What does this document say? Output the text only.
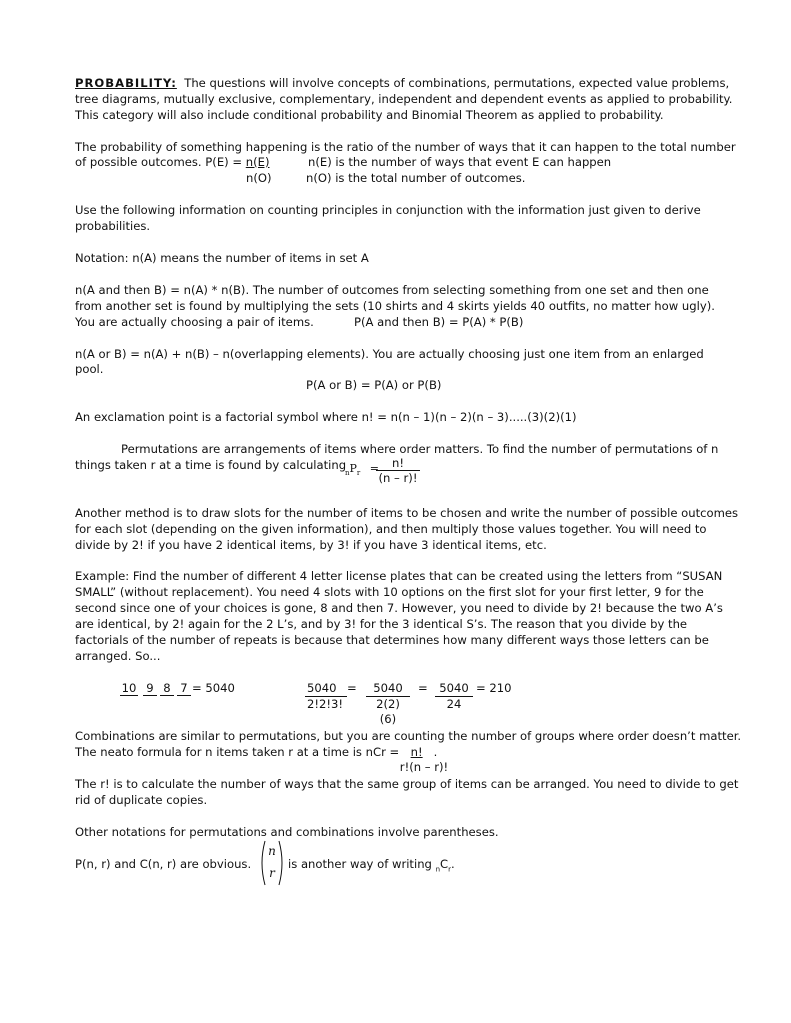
PROBABILITY: The questions will involve concepts of combinations, permutations, expected value problems,
tree diagrams, mutually exclusive, complementary, independent and dependent events as applied to probability.
This category will also include conditional probability and Binomial Theorem as applied to probability.
The probability of something happening is the ratio of the number of ways that it can happen to the total number
of possible outcomes. P(E) = n(E)	n(E) is the number of ways that event E can happen
n(O)	n(O) is the total number of outcomes.
Use the following information on counting principles in conjunction with the information just given to derive
probabilities.
Notation: n(A) means the number of items in set A
n(A and then B) = n(A) * n(B). The number of outcomes from selecting something from one set and then one
from another set is found by multiplying the sets (10 shirts and 4 skirts yields 40 outfits, no matter how ugly).
You are actually choosing a pair of items.	P(A and then B) = P(A) * P(B)
n(A or B) = n(A) + n(B) – n(overlapping elements). You are actually choosing just one item from an enlarged
pool.
P(A or B) = P(A) or P(B)
An exclamation point is a factorial symbol where n! = n(n – 1)(n – 2)(n – 3).....(3)(2)(1)
Permutations are arrangements of items where order matters. To find the number of permutations of n
things taken r at a time is found by calculating
$_nP_r$ =
$\frac{n!}{(n - r)!}$
Another method is to draw slots for the number of items to be chosen and write the number of possible outcomes
for each slot (depending on the given information), and then multiply those values together. You will need to
divide by 2! if you have 2 identical items, by 3! if you have 3 identical items, etc.
Example: Find the number of different 4 letter license plates that can be created using the letters from “SUSAN
SMALL” (without replacement). You need 4 slots with 10 options on the first slot for your first letter, 9 for the
second since one of your choices is gone, 8 and then 7. However, you need to divide by 2! because the two A’s
are identical, by 2! again for the 2 L’s, and by 3! for the 3 identical S’s. The reason that you divide by the
factorials of the number of repeats is because that determines how many different ways those letters can be
arranged. So...
10 9 8 7 = 5040	$\frac{5040}{2!2!3!} = \frac{5040}{2(2)(6)} = \frac{5040}{24} = 210$
Combinations are similar to permutations, but you are counting the number of groups where order doesn’t matter.
The neato formula for n items taken r at a time is nCr = n!   .
r!(n – r)!
The r! is to calculate the number of ways that the same group of items can be arranged. You need to divide to get
rid of duplicate copies.
Other notations for permutations and combinations involve parentheses.
P(n, r) and C(n, r) are obvious.
n
r
is another way of writing $_nC_r$.
